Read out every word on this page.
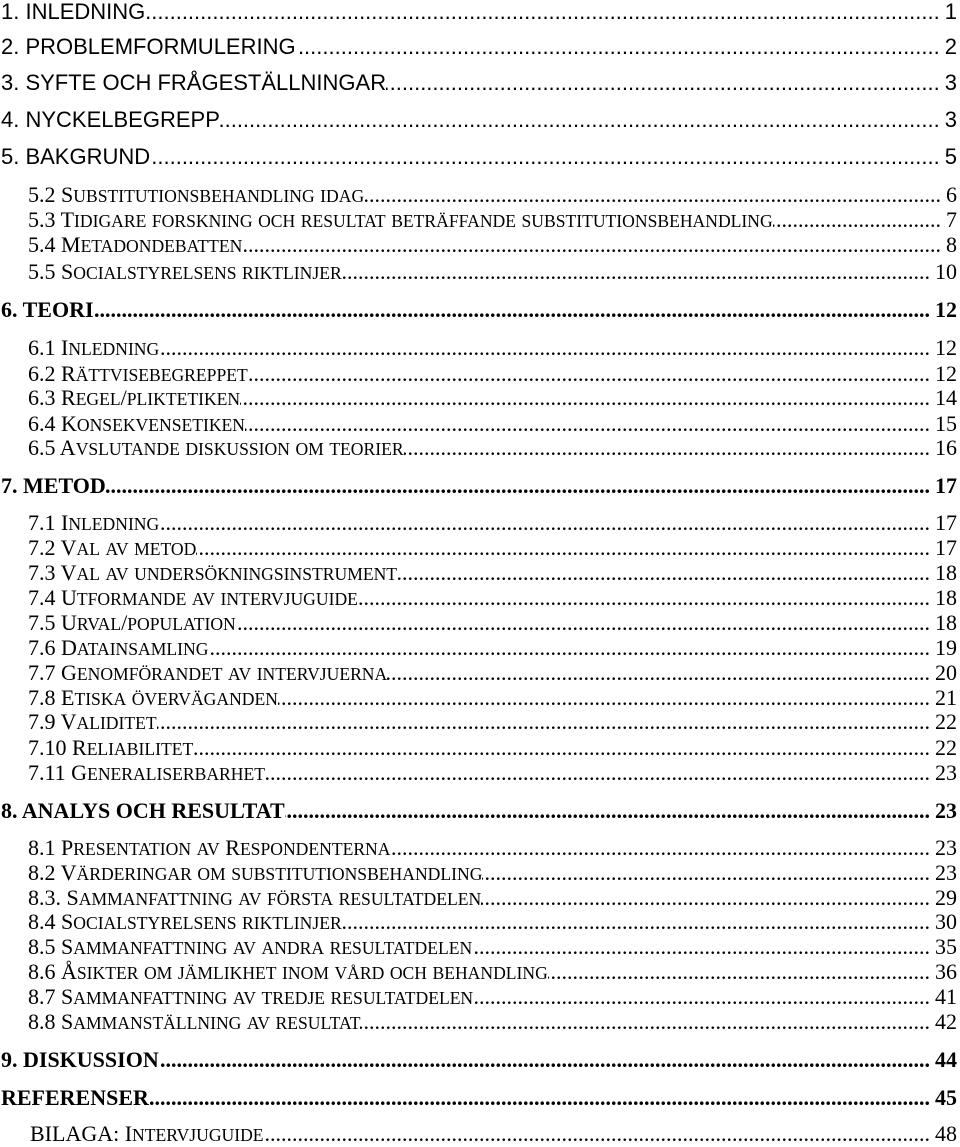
1. INLEDNING .....	1
2. PROBLEMFORMULERING .....	2
3. SYFTE OCH FRÅGESTÄLLNINGAR .....	3
4. NYCKELBEGREPP .....	3
5. BAKGRUND .....	5
5.2 SUBSTITUTIONSBEHANDLING IDAG .....	6
5.3 TIDIGARE FORSKNING OCH RESULTAT BETRÄFFANDE SUBSTITUTIONSBEHANDLING .....	7
5.4 METADONDEBATTEN .....	8
5.5 SOCIALSTYRELSENS RIKTLINJER .....	10
6. TEORI .....	12
6.1 INLEDNING .....	12
6.2 RÄTTVISEBEGREPPET .....	12
6.3 REGEL/PLIKTETIKEN .....	14
6.4 KONSEKVENSETIKEN .....	15
6.5 AVSLUTANDE DISKUSSION OM TEORIER .....	16
7. METOD .....	17
7.1 INLEDNING .....	17
7.2 VAL AV METOD .....	17
7.3 VAL AV UNDERSÖKNINGSINSTRUMENT .....	18
7.4 UTFORMANDE AV INTERVJUGUIDE .....	18
7.5 URVAL/POPULATION .....	18
7.6 DATAINSAMLING .....	19
7.7 GENOMFÖRANDET AV INTERVJUERNA .....	20
7.8 ETISKA ÖVERVÄGANDEN .....	21
7.9 VALIDITET .....	22
7.10 RELIABILITET .....	22
7.11 GENERALISERBARHET .....	23
8. ANALYS OCH RESULTAT .....	23
8.1 PRESENTATION AV RESPONDENTERNA .....	23
8.2 VÄRDERINGAR OM SUBSTITUTIONSBEHANDLING .....	23
8.3. SAMMANFATTNING AV FÖRSTA RESULTATDELEN .....	29
8.4 SOCIALSTYRELSENS RIKTLINJER .....	30
8.5 SAMMANFATTNING AV ANDRA RESULTATDELEN .....	35
8.6 ÅSIKTER OM JÄMLIKHET INOM VÅRD OCH BEHANDLING .....	36
8.7 SAMMANFATTNING AV TREDJE RESULTATDELEN .....	41
8.8 SAMMANSTÄLLNING AV RESULTAT .....	42
9. DISKUSSION .....	44
REFERENSER .....	45
BILAGA: INTERVJUGUIDE .....	48
